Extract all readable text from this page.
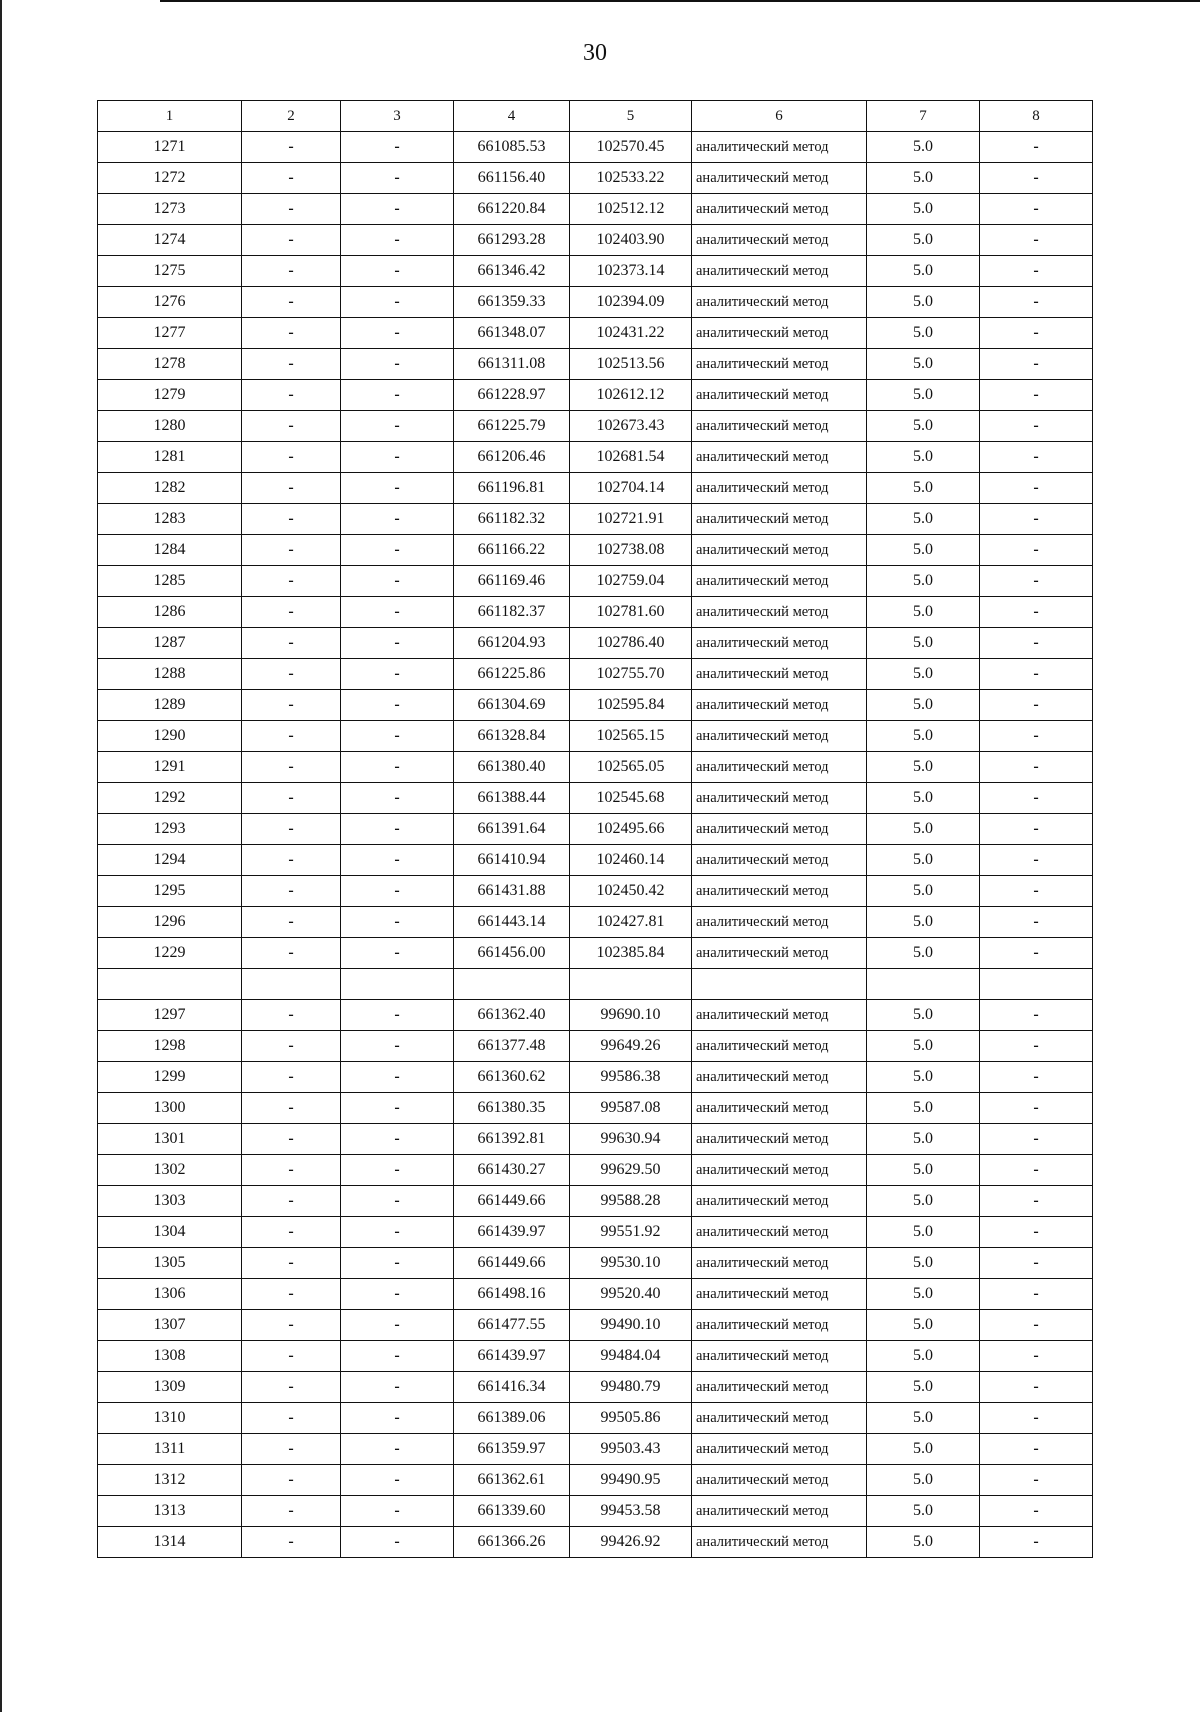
30
1	2	3	4	5	6	7	8
1271	-	-	661085.53	102570.45	аналитический метод	5.0	-
1272	-	-	661156.40	102533.22	аналитический метод	5.0	-
1273	-	-	661220.84	102512.12	аналитический метод	5.0	-
1274	-	-	661293.28	102403.90	аналитический метод	5.0	-
1275	-	-	661346.42	102373.14	аналитический метод	5.0	-
1276	-	-	661359.33	102394.09	аналитический метод	5.0	-
1277	-	-	661348.07	102431.22	аналитический метод	5.0	-
1278	-	-	661311.08	102513.56	аналитический метод	5.0	-
1279	-	-	661228.97	102612.12	аналитический метод	5.0	-
1280	-	-	661225.79	102673.43	аналитический метод	5.0	-
1281	-	-	661206.46	102681.54	аналитический метод	5.0	-
1282	-	-	661196.81	102704.14	аналитический метод	5.0	-
1283	-	-	661182.32	102721.91	аналитический метод	5.0	-
1284	-	-	661166.22	102738.08	аналитический метод	5.0	-
1285	-	-	661169.46	102759.04	аналитический метод	5.0	-
1286	-	-	661182.37	102781.60	аналитический метод	5.0	-
1287	-	-	661204.93	102786.40	аналитический метод	5.0	-
1288	-	-	661225.86	102755.70	аналитический метод	5.0	-
1289	-	-	661304.69	102595.84	аналитический метод	5.0	-
1290	-	-	661328.84	102565.15	аналитический метод	5.0	-
1291	-	-	661380.40	102565.05	аналитический метод	5.0	-
1292	-	-	661388.44	102545.68	аналитический метод	5.0	-
1293	-	-	661391.64	102495.66	аналитический метод	5.0	-
1294	-	-	661410.94	102460.14	аналитический метод	5.0	-
1295	-	-	661431.88	102450.42	аналитический метод	5.0	-
1296	-	-	661443.14	102427.81	аналитический метод	5.0	-
1229	-	-	661456.00	102385.84	аналитический метод	5.0	-

1297	-	-	661362.40	99690.10	аналитический метод	5.0	-
1298	-	-	661377.48	99649.26	аналитический метод	5.0	-
1299	-	-	661360.62	99586.38	аналитический метод	5.0	-
1300	-	-	661380.35	99587.08	аналитический метод	5.0	-
1301	-	-	661392.81	99630.94	аналитический метод	5.0	-
1302	-	-	661430.27	99629.50	аналитический метод	5.0	-
1303	-	-	661449.66	99588.28	аналитический метод	5.0	-
1304	-	-	661439.97	99551.92	аналитический метод	5.0	-
1305	-	-	661449.66	99530.10	аналитический метод	5.0	-
1306	-	-	661498.16	99520.40	аналитический метод	5.0	-
1307	-	-	661477.55	99490.10	аналитический метод	5.0	-
1308	-	-	661439.97	99484.04	аналитический метод	5.0	-
1309	-	-	661416.34	99480.79	аналитический метод	5.0	-
1310	-	-	661389.06	99505.86	аналитический метод	5.0	-
1311	-	-	661359.97	99503.43	аналитический метод	5.0	-
1312	-	-	661362.61	99490.95	аналитический метод	5.0	-
1313	-	-	661339.60	99453.58	аналитический метод	5.0	-
1314	-	-	661366.26	99426.92	аналитический метод	5.0	-
